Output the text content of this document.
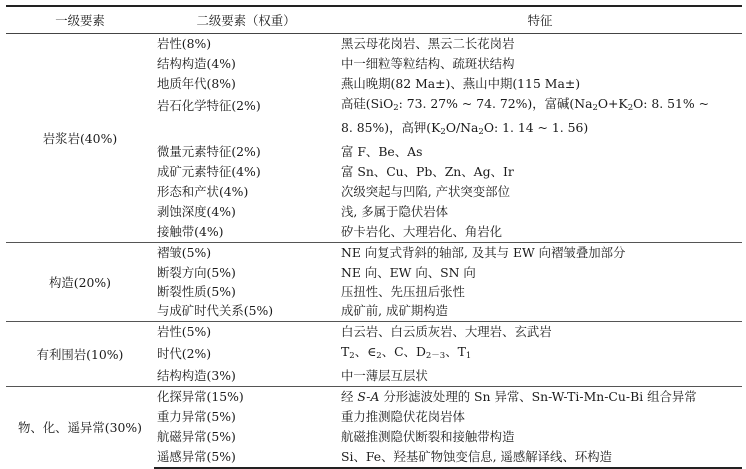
一级要素	二级要素（权重）	特征
岩浆岩(40%)	岩性(8%)	黑云母花岗岩、黑云二长花岗岩
	结构构造(4%)	中一细粒等粒结构、疏斑状结构
	地质年代(8%)	燕山晚期(82 Ma±)、燕山中期(115 Ma±)
	岩石化学特征(2%)	高硅(SiO$_2$: 73. 27% ~ 74. 72%)，富碱($Na_2O+K_2O$: 8. 51% ~
		8. 85%)，高钾($K_2O/Na_2O$: 1. 14 ~ 1. 56)
	微量元素特征(2%)	富 F、Be、As
	成矿元素特征(4%)	富 Sn、Cu、Pb、Zn、Ag、Ir
	形态和产状(4%)	次级突起与凹陷, 产状突变部位
	剥蚀深度(4%)	浅, 多属于隐伏岩体
	接触带(4%)	矽卡岩化、大理岩化、角岩化
构造(20%)	褶皱(5%)	NE 向复式背斜的轴部, 及其与 EW 向褶皱叠加部分
	断裂方向(5%)	NE 向、EW 向、SN 向
	断裂性质(5%)	压扭性、先压扭后张性
	与成矿时代关系(5%)	成矿前, 成矿期构造
有利围岩(10%)	岩性(5%)	白云岩、白云质灰岩、大理岩、玄武岩
	时代(2%)	$T_2$、$\in_2$、C、$D_{2-3}$、$T_1$
	结构构造(3%)	中一薄层互层状
物、化、遥异常(30%)	化探异常(15%)	经 S-A 分形滤波处理的 Sn 异常、Sn-W-Ti-Mn-Cu-Bi 组合异常
	重力异常(5%)	重力推测隐伏花岗岩体
	航磁异常(5%)	航磁推测隐伏断裂和接触带构造
	遥感异常(5%)	Si、Fe、羟基矿物蚀变信息, 遥感解译线、环构造
